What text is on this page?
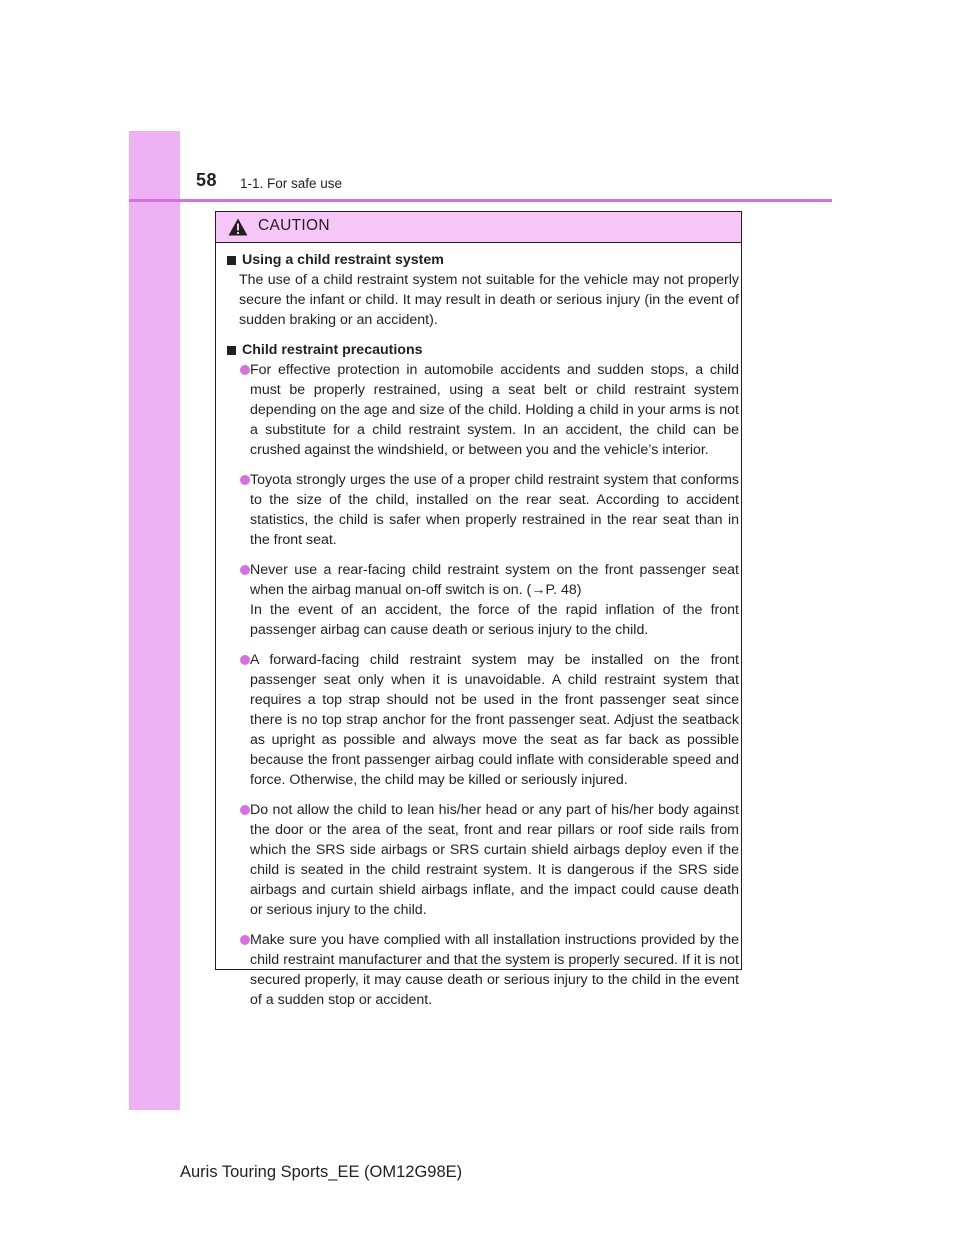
58 1-1. For safe use
CAUTION
Using a child restraint system
The use of a child restraint system not suitable for the vehicle may not properly secure the infant or child. It may result in death or serious injury (in the event of sudden braking or an accident).
Child restraint precautions
For effective protection in automobile accidents and sudden stops, a child must be properly restrained, using a seat belt or child restraint system depending on the age and size of the child. Holding a child in your arms is not a substitute for a child restraint system. In an accident, the child can be crushed against the windshield, or between you and the vehicle’s interior.
Toyota strongly urges the use of a proper child restraint system that conforms to the size of the child, installed on the rear seat. According to accident statistics, the child is safer when properly restrained in the rear seat than in the front seat.
Never use a rear-facing child restraint system on the front passenger seat when the airbag manual on-off switch is on. (→P. 48)
In the event of an accident, the force of the rapid inflation of the front passenger airbag can cause death or serious injury to the child.
A forward-facing child restraint system may be installed on the front passenger seat only when it is unavoidable. A child restraint system that requires a top strap should not be used in the front passenger seat since there is no top strap anchor for the front passenger seat. Adjust the seatback as upright as possible and always move the seat as far back as possible because the front passenger airbag could inflate with considerable speed and force. Otherwise, the child may be killed or seriously injured.
Do not allow the child to lean his/her head or any part of his/her body against the door or the area of the seat, front and rear pillars or roof side rails from which the SRS side airbags or SRS curtain shield airbags deploy even if the child is seated in the child restraint system. It is dangerous if the SRS side airbags and curtain shield airbags inflate, and the impact could cause death or serious injury to the child.
Make sure you have complied with all installation instructions provided by the child restraint manufacturer and that the system is properly secured. If it is not secured properly, it may cause death or serious injury to the child in the event of a sudden stop or accident.
Auris Touring Sports_EE (OM12G98E)
